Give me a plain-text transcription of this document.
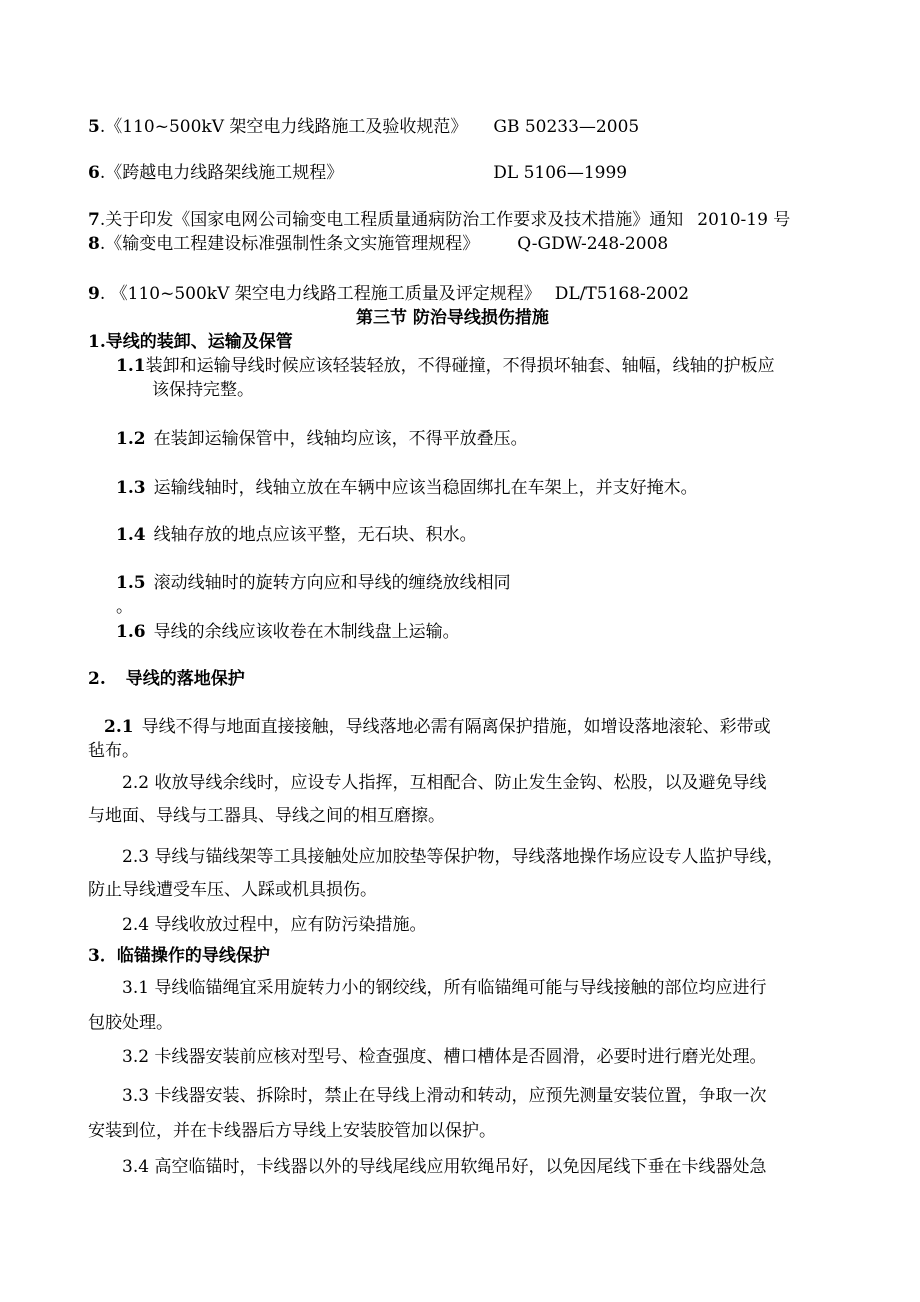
5.《110~500kV 架空电力线路施工及验收规范》 GB 50233—2005
6.《跨越电力线路架线施工规程》	DL 5106—1999
7.关于印发《国家电网公司输变电工程质量通病防治工作要求及技术措施》通知 2010-19 号
8.《输变电工程建设标准强制性条文实施管理规程》 Q-GDW-248-2008
9. 《110~500kV 架空电力线路工程施工质量及评定规程》 DL/T5168-2002
第三节 防治导线损伤措施
1.导线的装卸、运输及保管
1.1装卸和运输导线时候应该轻装轻放，不得碰撞，不得损坏轴套、轴幅，线轴的护板应
该保持完整。
1.2 在装卸运输保管中，线轴均应该，不得平放叠压。
1.3 运输线轴时，线轴立放在车辆中应该当稳固绑扎在车架上，并支好掩木。
1.4 线轴存放的地点应该平整，无石块、积水。
1.5 滚动线轴时的旋转方向应和导线的缠绕放线相同
。
1.6 导线的余线应该收卷在木制线盘上运输。
2. 导线的落地保护
2.1 导线不得与地面直接接触，导线落地必需有隔离保护措施，如增设落地滚轮、彩带或
毡布。
2.2 收放导线余线时，应设专人指挥，互相配合、防止发生金钩、松股，以及避免导线
与地面、导线与工器具、导线之间的相互磨擦。
2.3 导线与锚线架等工具接触处应加胶垫等保护物，导线落地操作场应设专人监护导线，
防止导线遭受车压、人踩或机具损伤。
2.4 导线收放过程中，应有防污染措施。
3．临锚操作的导线保护
3.1 导线临锚绳宜采用旋转力小的钢绞线，所有临锚绳可能与导线接触的部位均应进行
包胶处理。
3.2 卡线器安装前应核对型号、检查强度、槽口槽体是否圆滑，必要时进行磨光处理。
3.3 卡线器安装、拆除时，禁止在导线上滑动和转动，应预先测量安装位置，争取一次
安装到位，并在卡线器后方导线上安装胶管加以保护。
3.4 高空临锚时，卡线器以外的导线尾线应用软绳吊好，以免因尾线下垂在卡线器处急
